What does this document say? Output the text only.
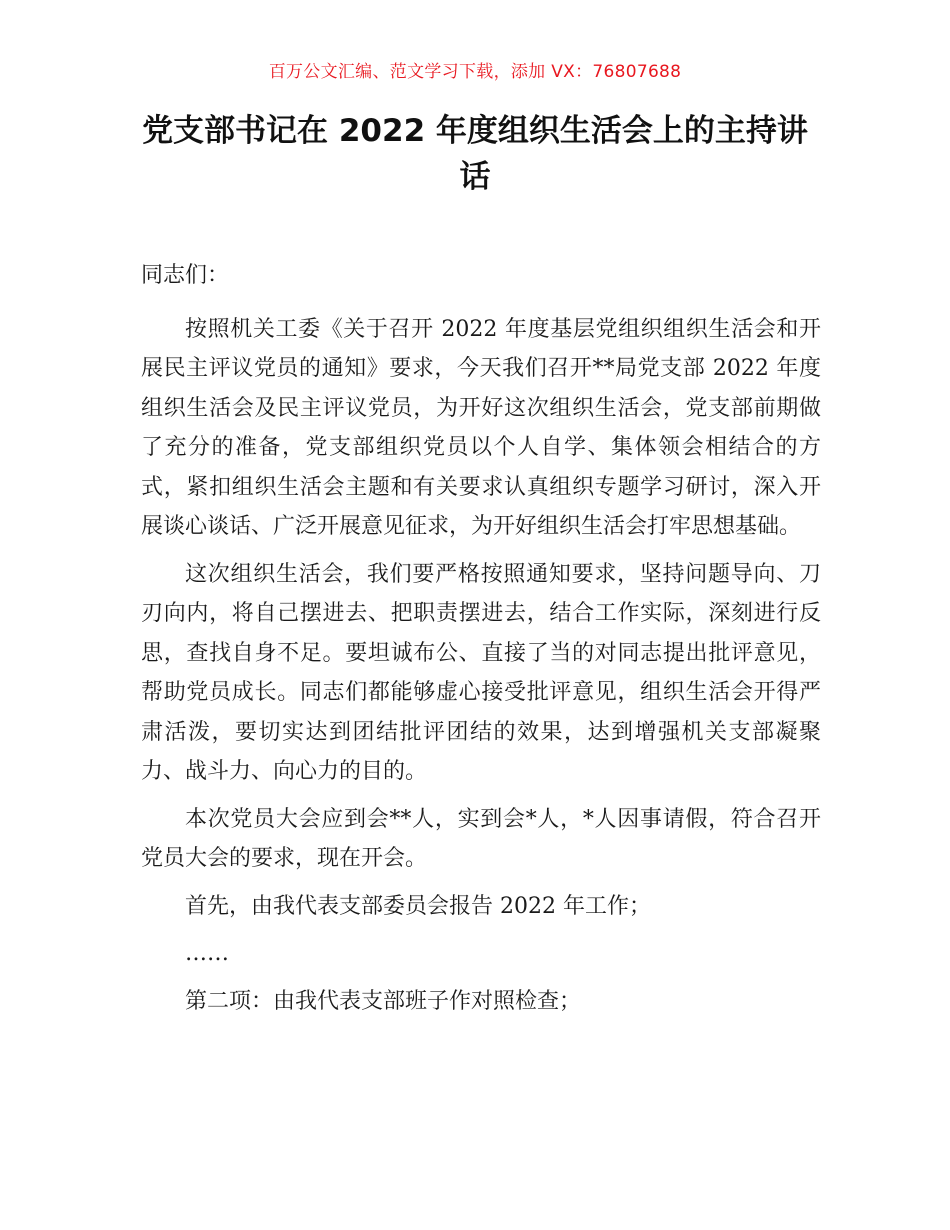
百万公文汇编、范文学习下载，添加 VX：76807688
党支部书记在 2022 年度组织生活会上的主持讲话

同志们：

按照机关工委《关于召开 2022 年度基层党组织组织生活会和开展民主评议党员的通知》要求，今天我们召开**局党支部 2022 年度组织生活会及民主评议党员，为开好这次组织生活会，党支部前期做了充分的准备，党支部组织党员以个人自学、集体领会相结合的方式，紧扣组织生活会主题和有关要求认真组织专题学习研讨，深入开展谈心谈话、广泛开展意见征求，为开好组织生活会打牢思想基础。

这次组织生活会，我们要严格按照通知要求，坚持问题导向、刀刃向内，将自己摆进去、把职责摆进去，结合工作实际，深刻进行反思，查找自身不足。要坦诚布公、直接了当的对同志提出批评意见，帮助党员成长。同志们都能够虚心接受批评意见，组织生活会开得严肃活泼，要切实达到团结批评团结的效果，达到增强机关支部凝聚力、战斗力、向心力的目的。

本次党员大会应到会**人，实到会*人，*人因事请假，符合召开党员大会的要求，现在开会。

首先，由我代表支部委员会报告 2022 年工作；

……

第二项：由我代表支部班子作对照检查；
